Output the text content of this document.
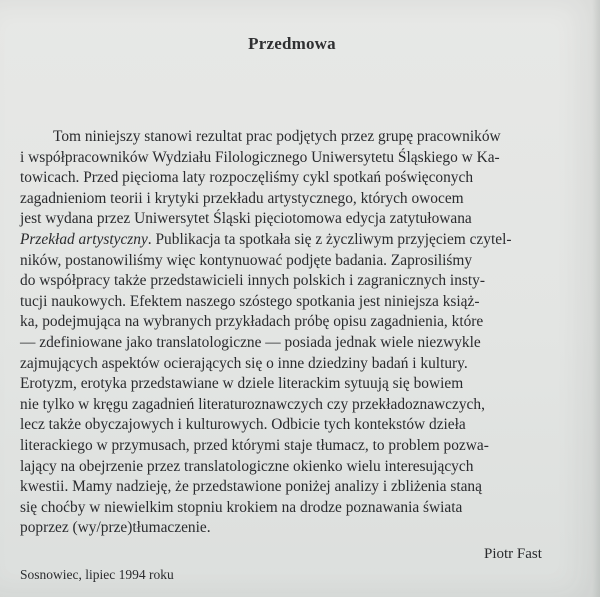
Przedmowa
Tom niniejszy stanowi rezultat prac podjętych przez grupę pracowników
i współpracowników Wydziału Filologicznego Uniwersytetu Śląskiego w Ka-
towicach. Przed pięcioma laty rozpoczęliśmy cykl spotkań poświęconych
zagadnieniom teorii i krytyki przekładu artystycznego, których owocem
jest wydana przez Uniwersytet Śląski pięciotomowa edycja zatytułowana
Przekład artystyczny. Publikacja ta spotkała się z życzliwym przyjęciem czytel-
ników, postanowiliśmy więc kontynuować podjęte badania. Zaprosiliśmy
do współpracy także przedstawicieli innych polskich i zagranicznych insty-
tucji naukowych. Efektem naszego szóstego spotkania jest niniejsza książ-
ka, podejmująca na wybranych przykładach próbę opisu zagadnienia, które
— zdefiniowane jako translatologiczne — posiada jednak wiele niezwykle
zajmujących aspektów ocierających się o inne dziedziny badań i kultury.
Erotyzm, erotyka przedstawiane w dziele literackim sytuują się bowiem
nie tylko w kręgu zagadnień literaturoznawczych czy przekładoznawczych,
lecz także obyczajowych i kulturowych. Odbicie tych kontekstów dzieła
literackiego w przymusach, przed którymi staje tłumacz, to problem pozwa-
lający na obejrzenie przez translatologiczne okienko wielu interesujących
kwestii. Mamy nadzieję, że przedstawione poniżej analizy i zbliżenia staną
się choćby w niewielkim stopniu krokiem na drodze poznawania świata
poprzez (wy/prze)tłumaczenie.
Piotr Fast
Sosnowiec, lipiec 1994 roku
